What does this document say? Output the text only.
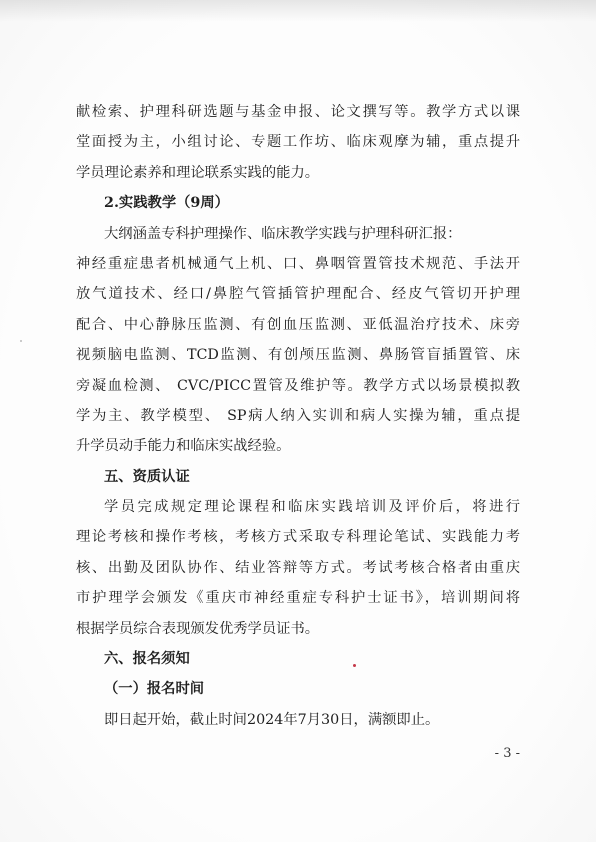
献检索、护理科研选题与基金申报、论文撰写等。教学方式以课
堂面授为主，小组讨论、专题工作坊、临床观摩为辅，重点提升
学员理论素养和理论联系实践的能力。
2.实践教学（9周）
大纲涵盖专科护理操作、临床教学实践与护理科研汇报：
神经重症患者机械通气上机、口、鼻咽管置管技术规范、手法开
放气道技术、经口/鼻腔气管插管护理配合、经皮气管切开护理
配合、中心静脉压监测、有创血压监测、亚低温治疗技术、床旁
视频脑电监测、TCD监测、有创颅压监测、鼻肠管盲插置管、床
旁凝血检测、 CVC/PICC置管及维护等。教学方式以场景模拟教
学为主、教学模型、 SP病人纳入实训和病人实操为辅，重点提
升学员动手能力和临床实战经验。
五、资质认证
学员完成规定理论课程和临床实践培训及评价后，将进行
理论考核和操作考核，考核方式采取专科理论笔试、实践能力考
核、出勤及团队协作、结业答辩等方式。考试考核合格者由重庆
市护理学会颁发《重庆市神经重症专科护士证书》，培训期间将
根据学员综合表现颁发优秀学员证书。
六、报名须知
（一）报名时间
即日起开始，截止时间2024年7月30日，满额即止。
- 3 -
